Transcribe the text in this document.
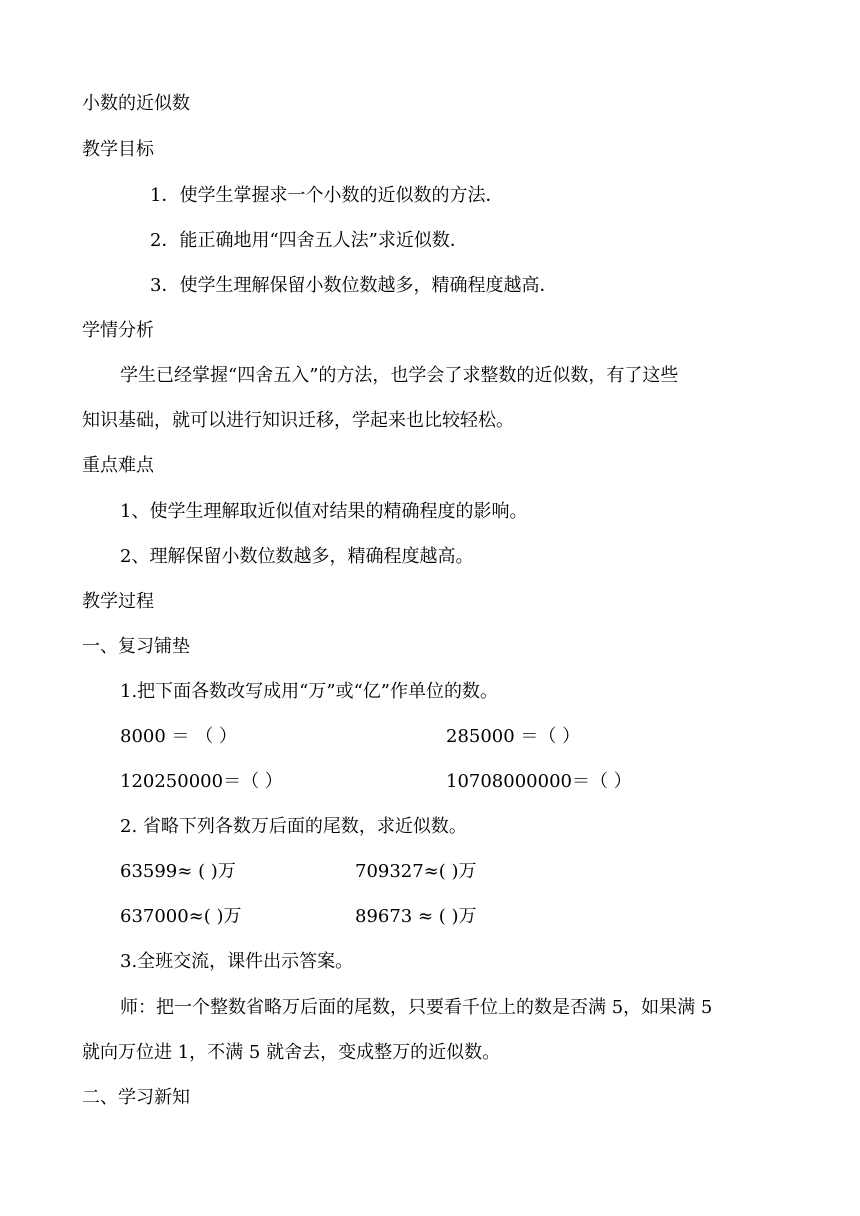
小数的近似数
教学目标
1．使学生掌握求一个小数的近似数的方法．
2．能正确地用“四舍五人法”求近似数．
3．使学生理解保留小数位数越多，精确程度越高．
学情分析
学生已经掌握“四舍五入”的方法，也学会了求整数的近似数，有了这些
知识基础，就可以进行知识迁移，学起来也比较轻松。
重点难点
1、使学生理解取近似值对结果的精确程度的影响。
2、理解保留小数位数越多，精确程度越高。
教学过程
一、复习铺垫
1.把下面各数改写成用“万”或“亿”作单位的数。
8000 ＝ （ ）	285000 ＝（ ）
120250000＝（ ）	10708000000＝（ ）
2. 省略下列各数万后面的尾数，求近似数。
63599≈ ( )万	709327≈( )万
637000≈( )万	89673 ≈ ( )万
3.全班交流，课件出示答案。
师：把一个整数省略万后面的尾数，只要看千位上的数是否满 5，如果满 5
就向万位进 1，不满 5 就舍去，变成整万的近似数。
二、学习新知
